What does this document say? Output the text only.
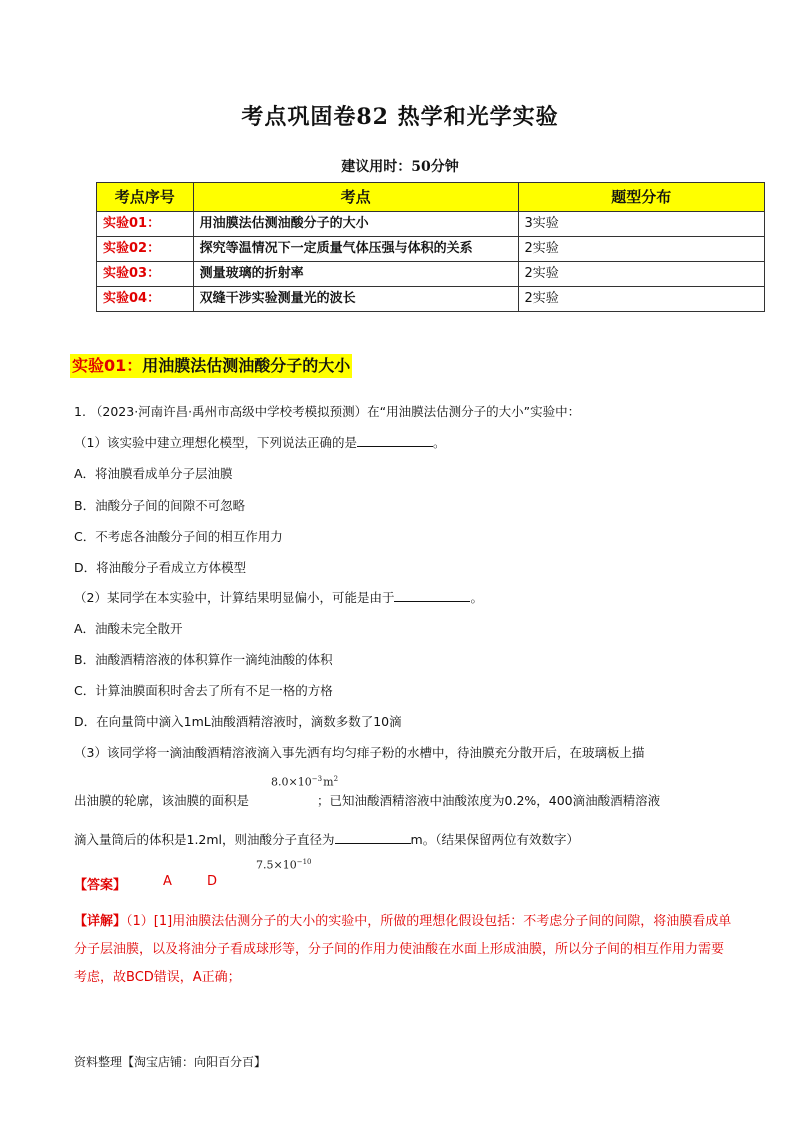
考点巩固卷82 热学和光学实验
建议用时：50分钟
考点序号	考点	题型分布
实验01：	用油膜法估测油酸分子的大小	3实验
实验02：	探究等温情况下一定质量气体压强与体积的关系	2实验
实验03：	测量玻璃的折射率	2实验
实验04：	双缝干涉实验测量光的波长	2实验
实验01：用油膜法估测油酸分子的大小
1. （2023·河南许昌·禹州市高级中学校考模拟预测）在“用油膜法估测分子的大小”实验中：
（1）该实验中建立理想化模型，下列说法正确的是	。
A．将油膜看成单分子层油膜
B．油酸分子间的间隙不可忽略
C．不考虑各油酸分子间的相互作用力
D．将油酸分子看成立方体模型
（2）某同学在本实验中，计算结果明显偏小，可能是由于	。
A．油酸未完全散开
B．油酸酒精溶液的体积算作一滴纯油酸的体积
C．计算油膜面积时舍去了所有不足一格的方格
D．在向量筒中滴入1mL油酸酒精溶液时，滴数多数了10滴
（3）该同学将一滴油酸酒精溶液滴入事先洒有均匀痱子粉的水槽中，待油膜充分散开后，在玻璃板上描
$8.0\times 10^{-3}$ $m^2$
出油膜的轮廓，该油膜的面积是	；已知油酸酒精溶液中油酸浓度为0.2%，400滴油酸酒精溶液
滴入量筒后的体积是1.2ml，则油酸分子直径为	m。（结果保留两位有效数字）
$7.5\times 10^{-10}$
【答案】	A	D
【详解】（1）[1]用油膜法估测分子的大小的实验中，所做的理想化假设包括：不考虑分子间的间隙，将油膜看成单分子层油膜，以及将油分子看成球形等，分子间的作用力使油酸在水面上形成油膜，所以分子间的相互作用力需要考虑，故BCD错误，A正确；
资料整理【淘宝店铺：向阳百分百】
